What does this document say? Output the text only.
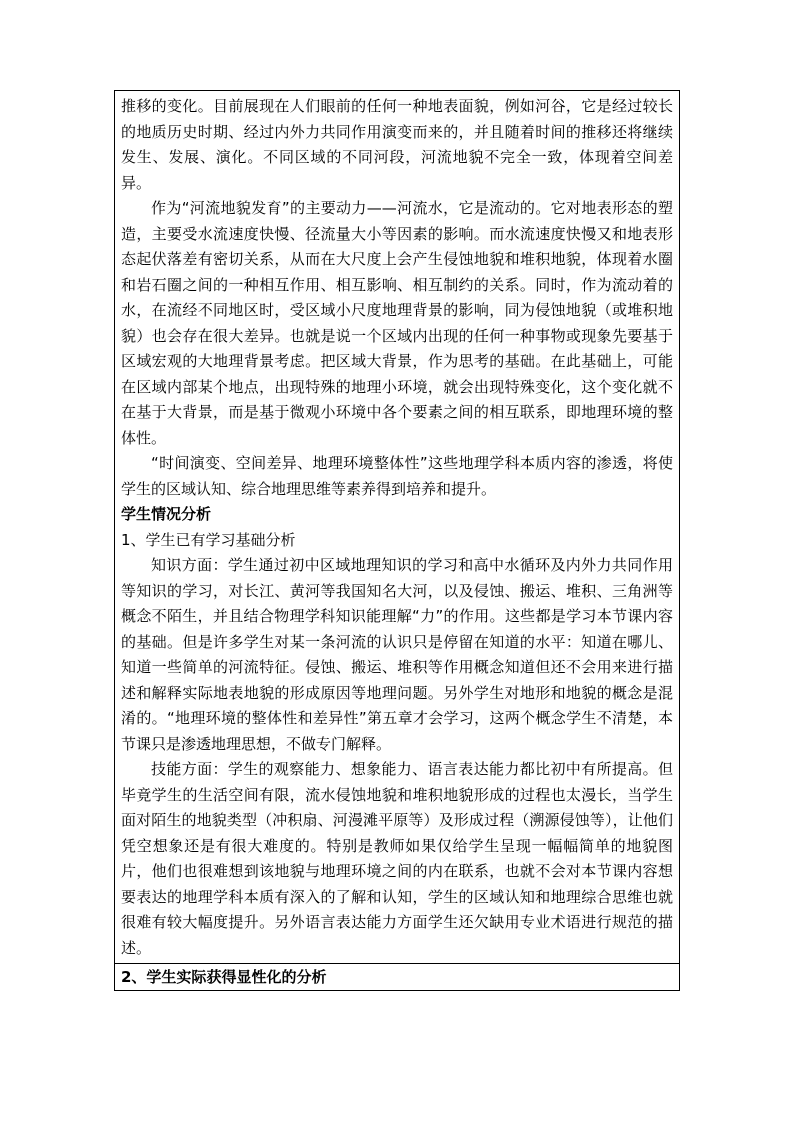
推移的变化。目前展现在人们眼前的任何一种地表面貌，例如河谷，它是经过较长的地质历史时期、经过内外力共同作用演变而来的，并且随着时间的推移还将继续发生、发展、演化。不同区域的不同河段，河流地貌不完全一致，体现着空间差异。

作为“河流地貌发育”的主要动力——河流水，它是流动的。它对地表形态的塑造，主要受水流速度快慢、径流量大小等因素的影响。而水流速度快慢又和地表形态起伏落差有密切关系，从而在大尺度上会产生侵蚀地貌和堆积地貌，体现着水圈和岩石圈之间的一种相互作用、相互影响、相互制约的关系。同时，作为流动着的水，在流经不同地区时，受区域小尺度地理背景的影响，同为侵蚀地貌（或堆积地貌）也会存在很大差异。也就是说一个区域内出现的任何一种事物或现象先要基于区域宏观的大地理背景考虑。把区域大背景，作为思考的基础。在此基础上，可能在区域内部某个地点，出现特殊的地理小环境，就会出现特殊变化，这个变化就不在基于大背景，而是基于微观小环境中各个要素之间的相互联系，即地理环境的整体性。

“时间演变、空间差异、地理环境整体性”这些地理学科本质内容的渗透，将使学生的区域认知、综合地理思维等素养得到培养和提升。

学生情况分析

1、学生已有学习基础分析

知识方面：学生通过初中区域地理知识的学习和高中水循环及内外力共同作用等知识的学习，对长江、黄河等我国知名大河，以及侵蚀、搬运、堆积、三角洲等概念不陌生，并且结合物理学科知识能理解“力”的作用。这些都是学习本节课内容的基础。但是许多学生对某一条河流的认识只是停留在知道的水平：知道在哪儿、知道一些简单的河流特征。侵蚀、搬运、堆积等作用概念知道但还不会用来进行描述和解释实际地表地貌的形成原因等地理问题。另外学生对地形和地貌的概念是混淆的。“地理环境的整体性和差异性”第五章才会学习，这两个概念学生不清楚，本节课只是渗透地理思想，不做专门解释。

技能方面：学生的观察能力、想象能力、语言表达能力都比初中有所提高。但毕竟学生的生活空间有限，流水侵蚀地貌和堆积地貌形成的过程也太漫长，当学生面对陌生的地貌类型（冲积扇、河漫滩平原等）及形成过程（溯源侵蚀等），让他们凭空想象还是有很大难度的。特别是教师如果仅给学生呈现一幅幅简单的地貌图片，他们也很难想到该地貌与地理环境之间的内在联系，也就不会对本节课内容想要表达的地理学科本质有深入的了解和认知，学生的区域认知和地理综合思维也就很难有较大幅度提升。另外语言表达能力方面学生还欠缺用专业术语进行规范的描述。

2、学生实际获得显性化的分析
